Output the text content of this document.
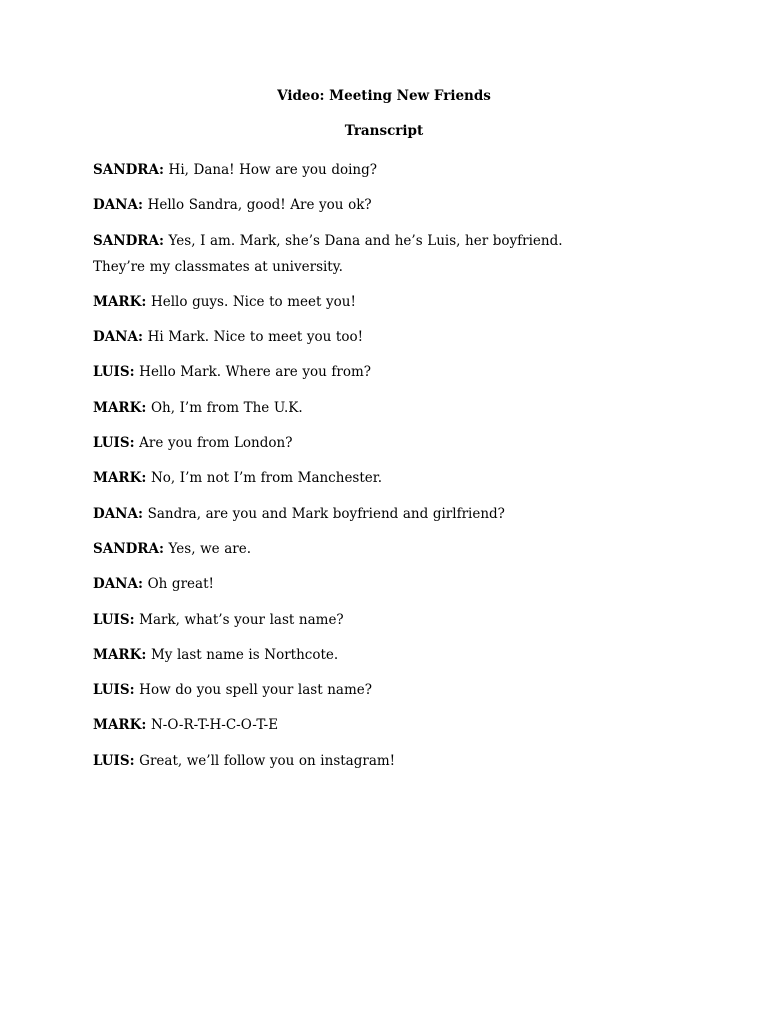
Video: Meeting New Friends
Transcript
SANDRA: Hi, Dana! How are you doing?
DANA: Hello Sandra, good! Are you ok?
SANDRA: Yes, I am. Mark, she’s Dana and he’s Luis, her boyfriend. They’re my classmates at university.
MARK: Hello guys. Nice to meet you!
DANA: Hi Mark. Nice to meet you too!
LUIS: Hello Mark. Where are you from?
MARK: Oh, I’m from The U.K.
LUIS: Are you from London?
MARK: No, I’m not I’m from Manchester.
DANA: Sandra, are you and Mark boyfriend and girlfriend?
SANDRA: Yes, we are.
DANA: Oh great!
LUIS: Mark, what’s your last name?
MARK: My last name is Northcote.
LUIS: How do you spell your last name?
MARK: N-O-R-T-H-C-O-T-E
LUIS: Great, we’ll follow you on instagram!
